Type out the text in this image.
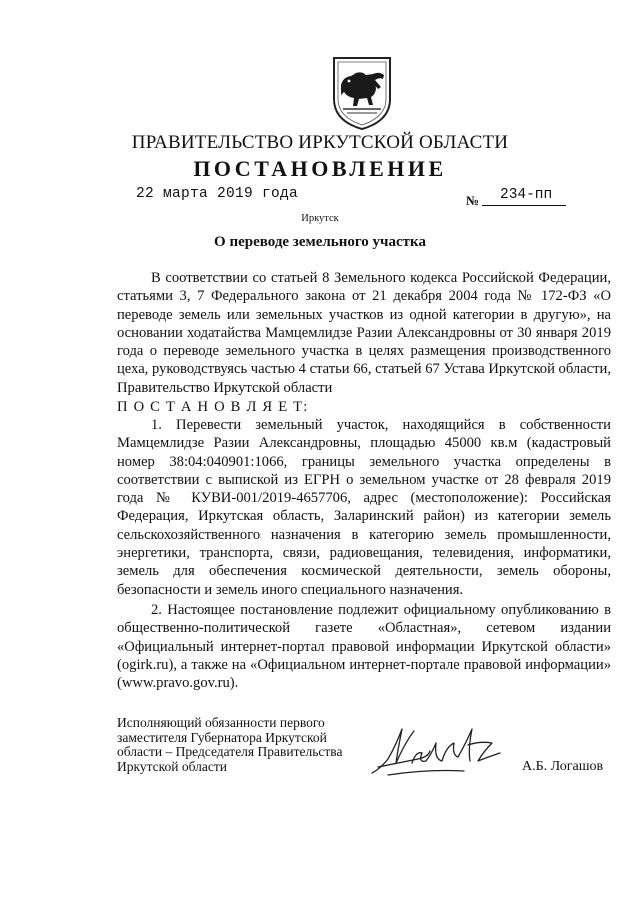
ПРАВИТЕЛЬСТВО ИРКУТСКОЙ ОБЛАСТИ
ПОСТАНОВЛЕНИЕ
22 марта 2019 года	№ 234-пп
Иркутск
О переводе земельного участка
В соответствии со статьей 8 Земельного кодекса Российской Федерации, статьями 3, 7 Федерального закона от 21 декабря 2004 года № 172-ФЗ «О переводе земель или земельных участков из одной категории в другую», на основании ходатайства Мамцемлидзе Разии Александровны от 30 января 2019 года о переводе земельного участка в целях размещения производственного цеха, руководствуясь частью 4 статьи 66, статьей 67 Устава Иркутской области, Правительство Иркутской области
П О С Т А Н О В Л Я Е Т:
1. Перевести земельный участок, находящийся в собственности Мамцемлидзе Разии Александровны, площадью 45000 кв.м (кадастровый номер 38:04:040901:1066, границы земельного участка определены в соответствии с выпиской из ЕГРН о земельном участке от 28 февраля 2019 года № КУВИ-001/2019-4657706, адрес (местоположение): Российская Федерация, Иркутская область, Заларинский район) из категории земель сельскохозяйственного назначения в категорию земель промышленности, энергетики, транспорта, связи, радиовещания, телевидения, информатики, земель для обеспечения космической деятельности, земель обороны, безопасности и земель иного специального назначения.
2. Настоящее постановление подлежит официальному опубликованию в общественно-политической газете «Областная», сетевом издании «Официальный интернет-портал правовой информации Иркутской области» (ogirk.ru), а также на «Официальном интернет-портале правовой информации» (www.pravo.gov.ru).
Исполняющий обязанности первого
заместителя Губернатора Иркутской
области – Председателя Правительства
Иркутской области	А.Б. Логашов
